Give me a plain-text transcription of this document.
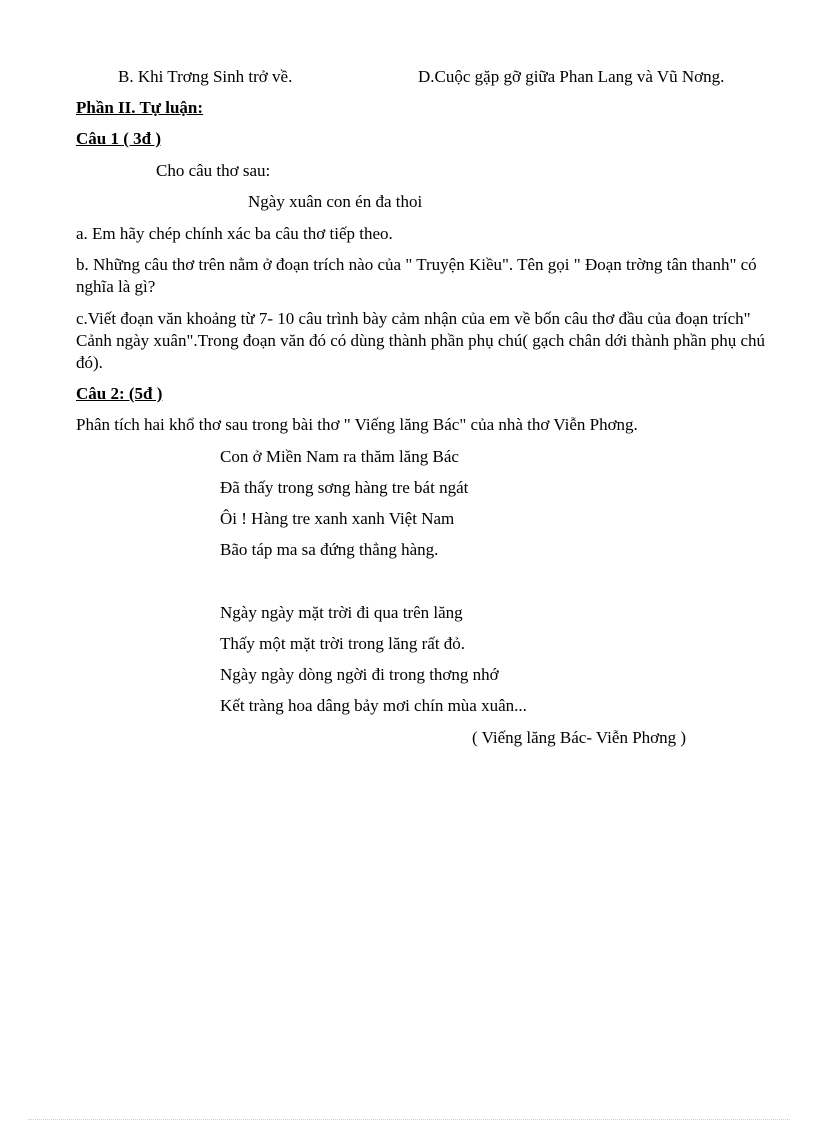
B. Khi Trơng Sinh trở về.	D.Cuộc gặp gỡ giữa Phan Lang và Vũ Nơng.
Phần II. Tự luận:
Câu 1 ( 3đ )
Cho câu thơ sau:
Ngày xuân con én đa thoi
a. Em hãy chép chính xác ba câu thơ tiếp theo.
b. Những câu thơ trên nằm ở đoạn trích nào của " Truyện Kiều". Tên gọi " Đoạn trờng tân thanh" có nghĩa là gì?
c.Viết đoạn văn khoảng từ 7- 10 câu trình bày cảm nhận của em về bốn câu thơ đầu của đoạn trích" Cảnh ngày xuân".Trong đoạn văn đó có dùng thành phần phụ chú( gạch chân dới thành phần phụ chú đó).
Câu 2: (5đ )
Phân tích hai khổ thơ sau trong bài thơ " Viếng lăng Bác" của nhà thơ Viễn Phơng.
Con ở Miền Nam ra thăm lăng Bác
Đã thấy trong sơng hàng tre bát ngát
Ôi ! Hàng tre xanh xanh Việt Nam
Bão táp ma sa đứng thẳng hàng.
Ngày ngày mặt trời đi qua trên lăng
Thấy một mặt trời trong lăng rất đỏ.
Ngày ngày dòng ngời đi trong thơng nhớ
Kết tràng hoa dâng bảy mơi chín mùa xuân...
( Viếng lăng Bác- Viễn Phơng )
